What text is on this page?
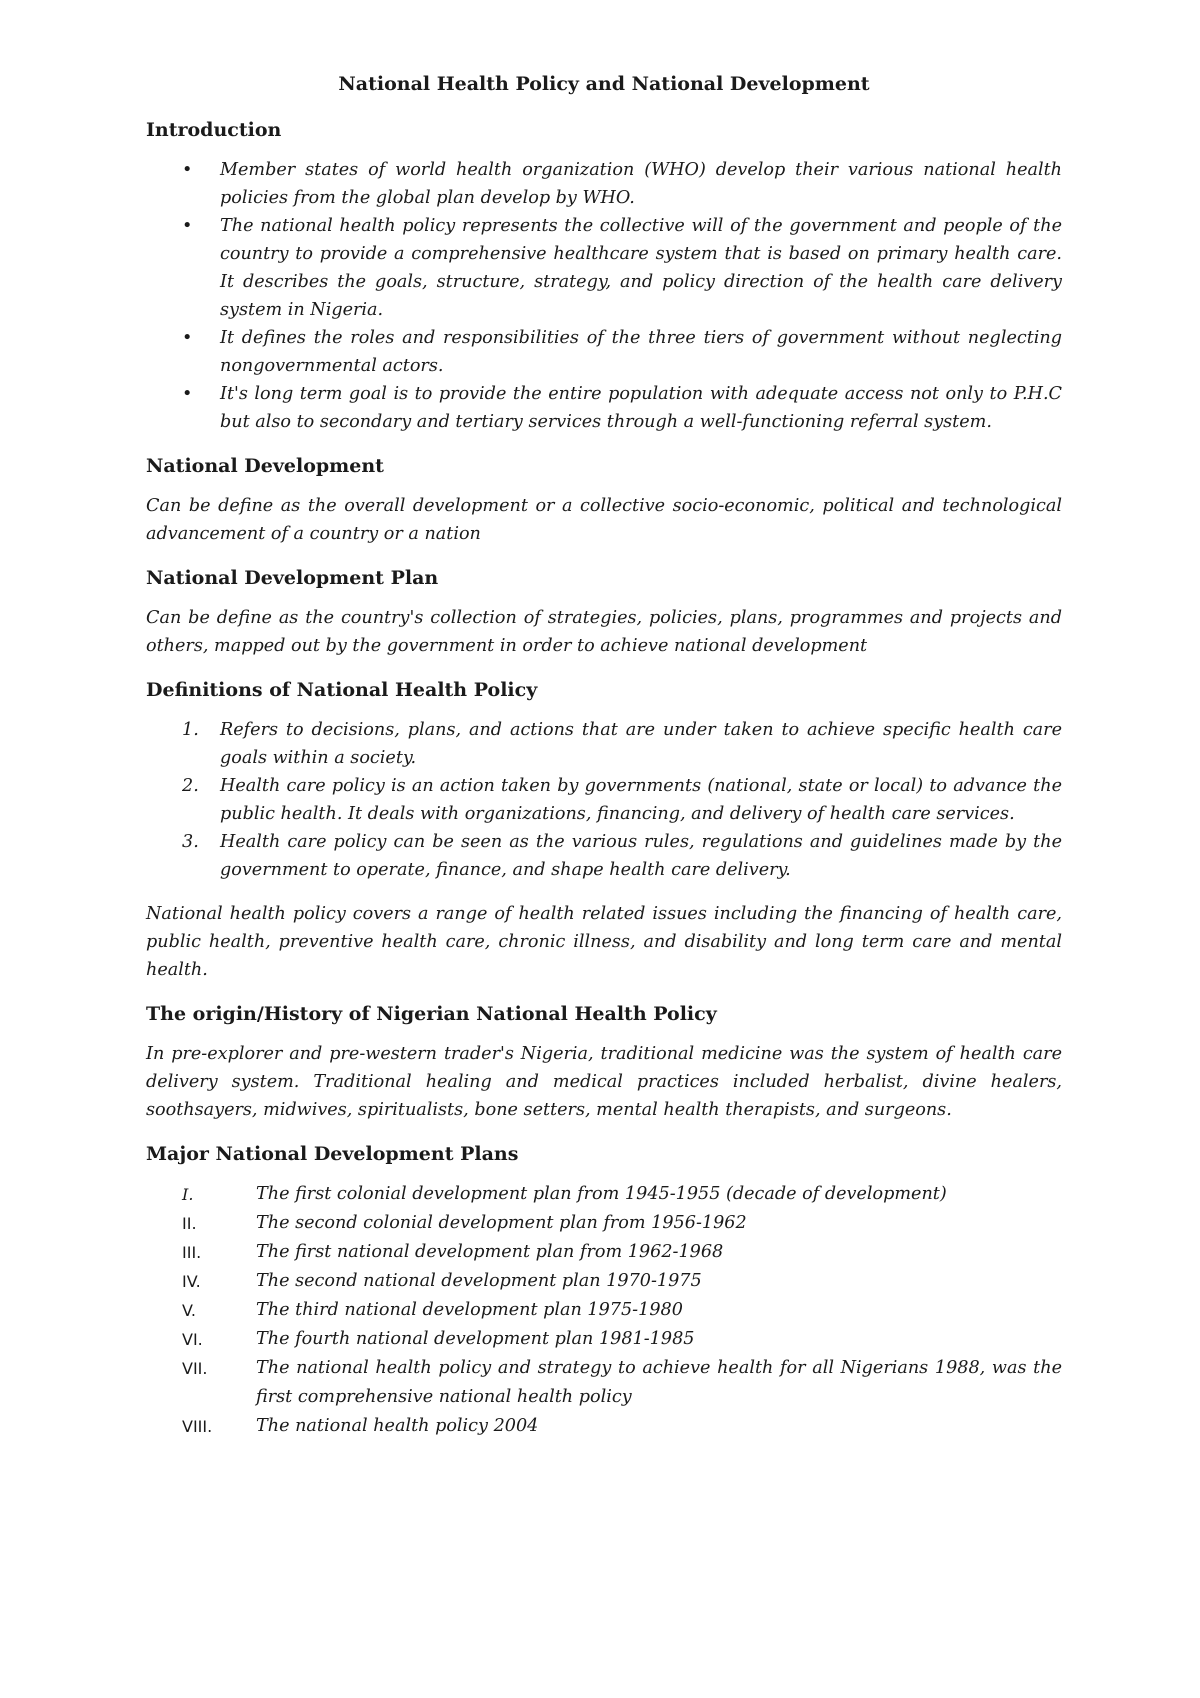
National Health Policy and National Development
Introduction
• Member states of world health organization (WHO) develop their various national health policies from the global plan develop by WHO.
• The national health policy represents the collective will of the government and people of the country to provide a comprehensive healthcare system that is based on primary health care. It describes the goals, structure, strategy, and policy direction of the health care delivery system in Nigeria.
• It defines the roles and responsibilities of the three tiers of government without neglecting nongovernmental actors.
• It's long term goal is to provide the entire population with adequate access not only to P.H.C but also to secondary and tertiary services through a well-functioning referral system.
National Development
Can be define as the overall development or a collective socio-economic, political and technological advancement of a country or a nation
National Development Plan
Can be define as the country's collection of strategies, policies, plans, programmes and projects and others, mapped out by the government in order to achieve national development
Definitions of National Health Policy
1. Refers to decisions, plans, and actions that are under taken to achieve specific health care goals within a society.
2. Health care policy is an action taken by governments (national, state or local) to advance the public health. It deals with organizations, financing, and delivery of health care services.
3. Health care policy can be seen as the various rules, regulations and guidelines made by the government to operate, finance, and shape health care delivery.
National health policy covers a range of health related issues including the financing of health care, public health, preventive health care, chronic illness, and disability and long term care and mental health.
The origin/History of Nigerian National Health Policy
In pre-explorer and pre-western trader's Nigeria, traditional medicine was the system of health care delivery system. Traditional healing and medical practices included herbalist, divine healers, soothsayers, midwives, spiritualists, bone setters, mental health therapists, and surgeons.
Major National Development Plans
I.	The first colonial development plan from 1945-1955 (decade of development)
II.	The second colonial development plan from 1956-1962
III.	The first national development plan from 1962-1968
IV.	The second national development plan 1970-1975
V.	The third national development plan 1975-1980
VI.	The fourth national development plan 1981-1985
VII.	The national health policy and strategy to achieve health for all Nigerians 1988, was the first comprehensive national health policy
VIII. The national health policy 2004
